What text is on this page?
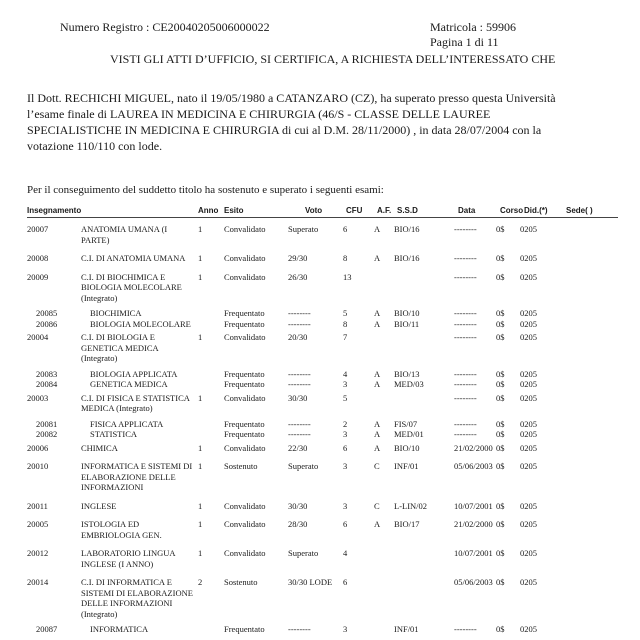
Numero Registro : CE20040205006000022	Matricola : 59906
Pagina 1 di 11
VISTI GLI ATTI D’UFFICIO, SI CERTIFICA, A RICHIESTA DELL’INTERESSATO CHE
Il Dott. RECHICHI MIGUEL, nato il 19/05/1980 a CATANZARO (CZ), ha superato presso questa Università
l’esame finale di LAUREA IN MEDICINA E CHIRURGIA (46/S - CLASSE DELLE LAUREE
SPECIALISTICHE IN MEDICINA E CHIRURGIA di cui al D.M. 28/11/2000) , in data 28/07/2004 con la
votazione 110/110 con lode.
Per il conseguimento del suddetto titolo ha sostenuto e superato i seguenti esami:
Insegnamento	Anno Esito	Voto	CFU A.F. S.S.D	Data	Corso Did.(*) Sede( )
20007	ANATOMIA UMANA (I PARTE)	1	Convalidato	Superato	6	A	BIO/16	--------	0$	0205	
20008	C.I. DI ANATOMIA UMANA	1	Convalidato	29/30	8	A	BIO/16	--------	0$	0205	
20009	C.I. DI BIOCHIMICA E BIOLOGIA MOLECOLARE (Integrato)	1	Convalidato	26/30	13			--------	0$	0205	
20085	BIOCHIMICA		Frequentato	--------	5	A	BIO/10	--------	0$	0205	
20086	BIOLOGIA MOLECOLARE		Frequentato	--------	8	A	BIO/11	--------	0$	0205	
20004	C.I. DI BIOLOGIA E GENETICA MEDICA (Integrato)	1	Convalidato	20/30	7			--------	0$	0205	
20083	BIOLOGIA APPLICATA		Frequentato	--------	4	A	BIO/13	--------	0$	0205	
20084	GENETICA MEDICA		Frequentato	--------	3	A	MED/03	--------	0$	0205	
20003	C.I. DI FISICA E STATISTICA MEDICA (Integrato)	1	Convalidato	30/30	5			--------	0$	0205	
20081	FISICA APPLICATA		Frequentato	--------	2	A	FIS/07	--------	0$	0205	
20082	STATISTICA		Frequentato	--------	3	A	MED/01	--------	0$	0205	
20006	CHIMICA	1	Convalidato	22/30	6	A	BIO/10	21/02/2000	0$	0205	
20010	INFORMATICA E SISTEMI DI ELABORAZIONE DELLE INFORMAZIONI	1	Sostenuto	Superato	3	C	INF/01	05/06/2003	0$	0205	
20011	INGLESE	1	Convalidato	30/30	3	C	L-LIN/02	10/07/2001	0$	0205	
20005	ISTOLOGIA ED EMBRIOLOGIA GEN.	1	Convalidato	28/30	6	A	BIO/17	21/02/2000	0$	0205	
20012	LABORATORIO LINGUA INGLESE (I ANNO)	1	Convalidato	Superato	4			10/07/2001	0$	0205	
20014	C.I. DI INFORMATICA E SISTEMI DI ELABORAZIONE DELLE INFORMAZIONI (Integrato)	2	Sostenuto	30/30 LODE	6			05/06/2003	0$	0205	
20087	INFORMATICA		Frequentato	--------	3		INF/01	--------	0$	0205	
